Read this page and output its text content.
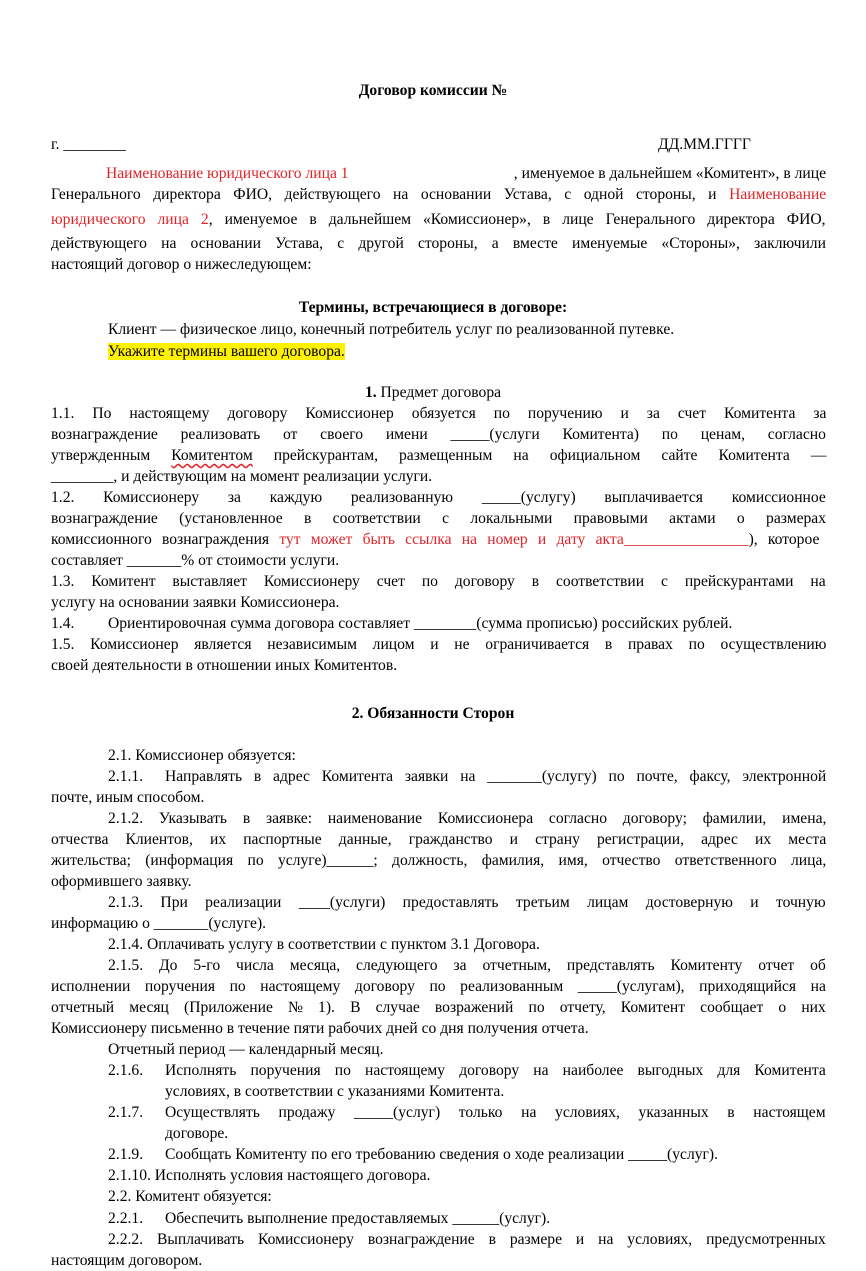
Договор комиссии №
г. ________	ДД.ММ.ГГГГ
Наименование юридического лица 1	, именуемое в дальнейшем «Комитент», в лице
Генерального директора ФИО, действующего на основании Устава, с одной стороны, и Наименование
юридического лица 2, именуемое в дальнейшем «Комиссионер», в лице Генерального директора ФИО,
действующего на основании Устава, с другой стороны, а вместе именуемые «Стороны», заключили
настоящий договор о нижеследующем:
Термины, встречающиеся в договоре:
Клиент — физическое лицо, конечный потребитель услуг по реализованной путевке.
Укажите термины вашего договора.
1. Предмет договора
1.1. По настоящему договору Комиссионер обязуется по поручению и за счет Комитента за
вознаграждение реализовать от своего имени _____(услуги Комитента) по ценам, согласно
утвержденным Комитентом прейскурантам, размещенным на официальном сайте Комитента —
________, и действующим на момент реализации услуги.
1.2. Комиссионеру за каждую реализованную _____(услугу) выплачивается комиссионное
вознаграждение (установленное в соответствии с локальными правовыми актами о размерах
комиссионного вознаграждения тут может быть ссылка на номер и дату акта________________), которое
составляет _______% от стоимости услуги.
1.3. Комитент выставляет Комиссионеру счет по договору в соответствии с прейскурантами на
услугу на основании заявки Комиссионера.
1.4. Ориентировочная сумма договора составляет ________(сумма прописью) российских рублей.
1.5. Комиссионер является независимым лицом и не ограничивается в правах по осуществлению
своей деятельности в отношении иных Комитентов.
2. Обязанности Сторон
2.1. Комиссионер обязуется:
2.1.1. Направлять в адрес Комитента заявки на _______(услугу) по почте, факсу, электронной
почте, иным способом.
2.1.2. Указывать в заявке: наименование Комиссионера согласно договору; фамилии, имена,
отчества Клиентов, их паспортные данные, гражданство и страну регистрации, адрес их места
жительства; (информация по услуге)______; должность, фамилия, имя, отчество ответственного лица,
оформившего заявку.
2.1.3. При реализации ____(услуги) предоставлять третьим лицам достоверную и точную
информацию о _______(услуге).
2.1.4. Оплачивать услугу в соответствии с пунктом 3.1 Договора.
2.1.5. До 5-го числа месяца, следующего за отчетным, представлять Комитенту отчет об
исполнении поручения по настоящему договору по реализованным _____(услугам), приходящийся на
отчетный месяц (Приложение № 1). В случае возражений по отчету, Комитент сообщает о них
Комиссионеру письменно в течение пяти рабочих дней со дня получения отчета.
Отчетный период — календарный месяц.
2.1.6. Исполнять поручения по настоящему договору на наиболее выгодных для Комитента
условиях, в соответствии с указаниями Комитента.
2.1.7. Осуществлять продажу _____(услуг) только на условиях, указанных в настоящем
договоре.
2.1.9. Сообщать Комитенту по его требованию сведения о ходе реализации _____(услуг).
2.1.10. Исполнять условия настоящего договора.
2.2. Комитент обязуется:
2.2.1. Обеспечить выполнение предоставляемых ______(услуг).
2.2.2. Выплачивать Комиссионеру вознаграждение в размере и на условиях, предусмотренных
настоящим договором.
